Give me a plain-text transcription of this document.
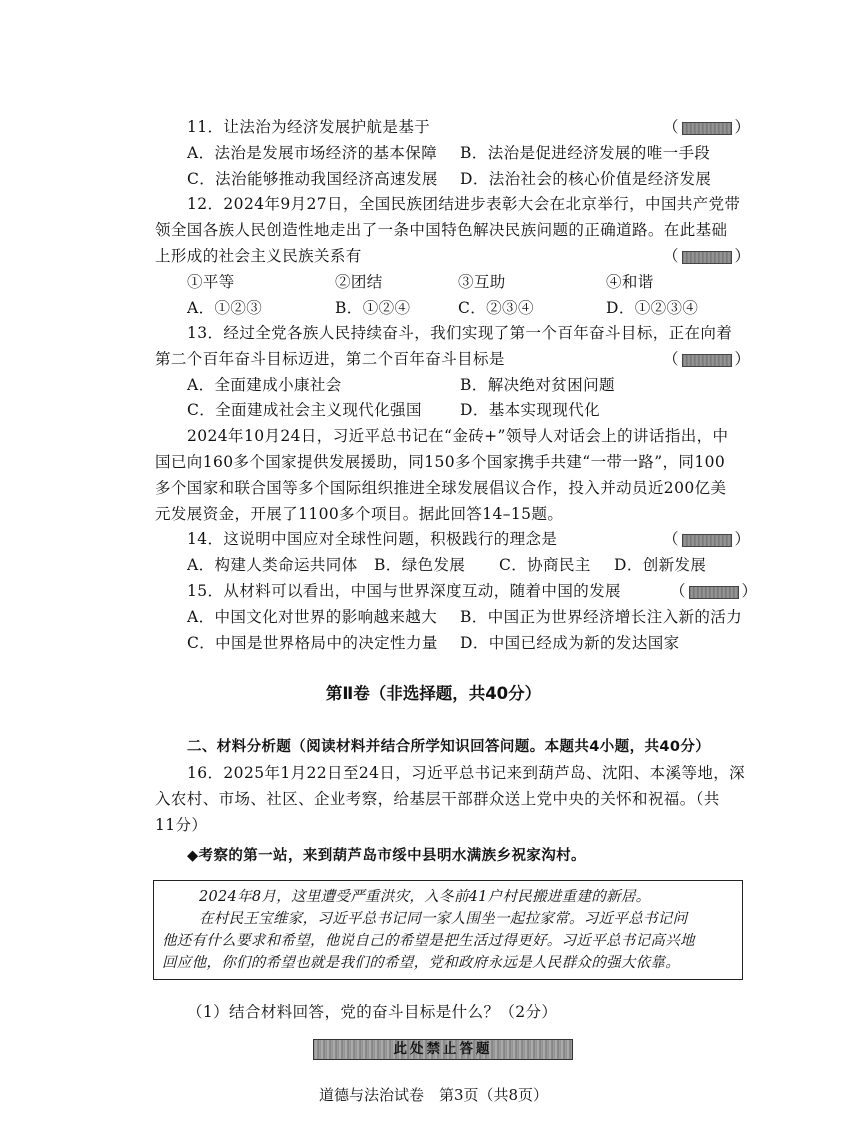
11．让法治为经济发展护航是基于	（	）
A．法治是发展市场经济的基本保障 B．法治是促进经济发展的唯一手段
C．法治能够推动我国经济高速发展 D．法治社会的核心价值是经济发展
12．2024年9月27日，全国民族团结进步表彰大会在北京举行，中国共产党带
领全国各族人民创造性地走出了一条中国特色解决民族问题的正确道路。在此基础
上形成的社会主义民族关系有	（	）
①平等	②团结	③互助	④和谐
A．①②③	B．①②④	C．②③④	D．①②③④
13．经过全党各族人民持续奋斗，我们实现了第一个百年奋斗目标，正在向着
第二个百年奋斗目标迈进，第二个百年奋斗目标是	（	）
A．全面建成小康社会	B．解决绝对贫困问题
C．全面建成社会主义现代化强国 D．基本实现现代化
2024年10月24日，习近平总书记在“金砖+”领导人对话会上的讲话指出，中
国已向160多个国家提供发展援助，同150多个国家携手共建“一带一路”，同100
多个国家和联合国等多个国际组织推进全球发展倡议合作，投入并动员近200亿美
元发展资金，开展了1100多个项目。据此回答14–15题。
14．这说明中国应对全球性问题，积极践行的理念是	（	）
A．构建人类命运共同体 B．绿色发展 C．协商民主 D．创新发展
15．从材料可以看出，中国与世界深度互动，随着中国的发展	（	）
A．中国文化对世界的影响越来越大 B．中国正为世界经济增长注入新的活力
C．中国是世界格局中的决定性力量 D．中国已经成为新的发达国家
第Ⅱ卷（非选择题，共40分）
二、材料分析题（阅读材料并结合所学知识回答问题。本题共4小题，共40分）
16．2025年1月22日至24日，习近平总书记来到葫芦岛、沈阳、本溪等地，深
入农村、市场、社区、企业考察，给基层干部群众送上党中央的关怀和祝福。（共
11分）
◆考察的第一站，来到葫芦岛市绥中县明水满族乡祝家沟村。
2024年8月，这里遭受严重洪灾，入冬前41户村民搬进重建的新居。
在村民王宝维家，习近平总书记同一家人围坐一起拉家常。习近平总书记问
他还有什么要求和希望，他说自己的希望是把生活过得更好。习近平总书记高兴地
回应他，你们的希望也就是我们的希望，党和政府永远是人民群众的强大依靠。
（1）结合材料回答，党的奋斗目标是什么？（2分）
此处禁止答题
道德与法治试卷　第3页（共8页）
